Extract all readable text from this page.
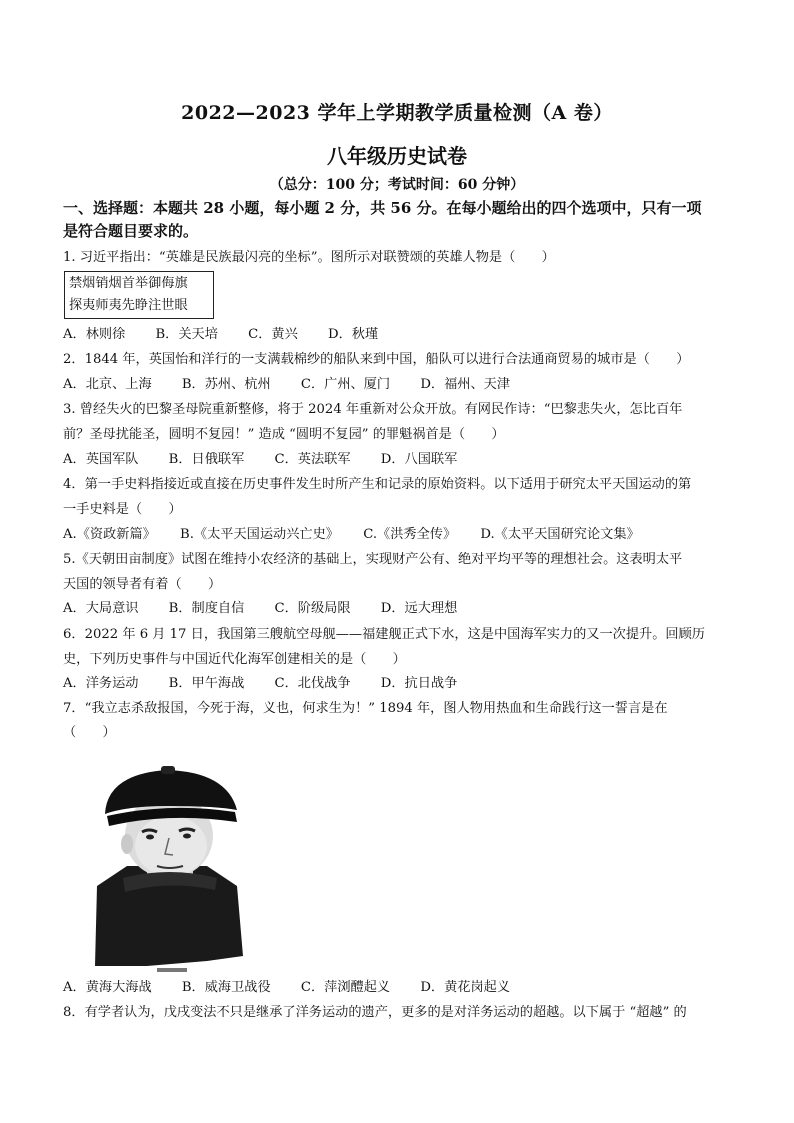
2022—2023 学年上学期教学质量检测（A 卷）
八年级历史试卷
（总分：100 分；考试时间：60 分钟）
一、选择题：本题共 28 小题，每小题 2 分，共 56 分。在每小题给出的四个选项中，只有一项
是符合题目要求的。
1. 习近平指出：“英雄是民族最闪亮的坐标”。图所示对联赞颂的英雄人物是（　　）
禁烟销烟首举御侮旗
探夷师夷先睁注世眼
A．林则徐 B．关天培 C．黄兴 D．秋瑾
2．1844 年，英国怡和洋行的一支满载棉纱的船队来到中国，船队可以进行合法通商贸易的城市是（　　）
A．北京、上海 B．苏州、杭州 C．广州、厦门 D．福州、天津
3. 曾经失火的巴黎圣母院重新整修，将于 2024 年重新对公众开放。有网民作诗：“巴黎悲失火，怎比百年
前？圣母扰能圣，圆明不复园！” 造成 “圆明不复园” 的罪魁祸首是（　　）
A．英国军队 B．日俄联军 C．英法联军 D．八国联军
4．第一手史料指接近或直接在历史事件发生时所产生和记录的原始资料。以下适用于研究太平天国运动的第
一手史料是（　　）
A.《资政新篇》 B.《太平天国运动兴亡史》 C.《洪秀全传》 D.《太平天国研究论文集》
5.《天朝田亩制度》试图在维持小农经济的基础上，实现财产公有、绝对平均平等的理想社会。这表明太平
天国的领导者有着（　　）
A．大局意识 B．制度自信 C．阶级局限 D．远大理想
6．2022 年 6 月 17 日，我国第三艘航空母舰——福建舰正式下水，这是中国海军实力的又一次提升。回顾历
史，下列历史事件与中国近代化海军创建相关的是（　　）
A．洋务运动 B．甲午海战 C．北伐战争 D．抗日战争
7．“我立志杀敌报国，今死于海，义也，何求生为！” 1894 年，图人物用热血和生命践行这一誓言是在
（　　）
A．黄海大海战 B．威海卫战役 C．萍浏醴起义 D．黄花岗起义
8．有学者认为，戊戌变法不只是继承了洋务运动的遗产，更多的是对洋务运动的超越。以下属于 “超越” 的
